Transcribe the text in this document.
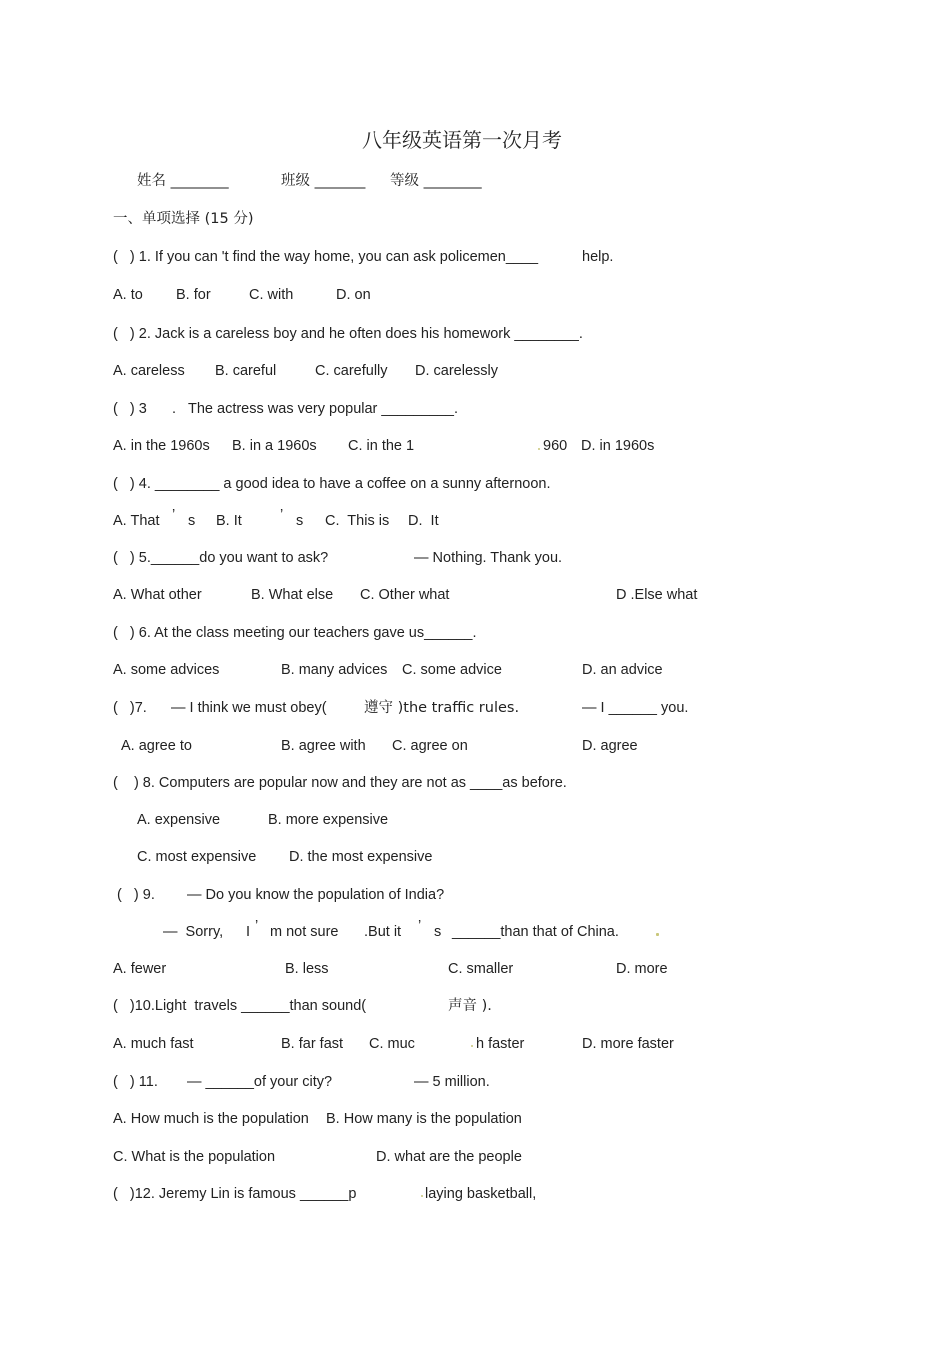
八年级英语第一次月考
姓名 ________	班级 _______ 等级 ________
一、单项选择 (15 分)
(   ) 1. If you can 't find the way home, you can ask policemen____	help.
A. to B. for	C. with	D. on
(   ) 2. Jack is a careless boy and he often does his homework ________.
A. careless B. careful	C. carefully D. carelessly
(   ) 3 . The actress was very popular _________.
A. in the 1960s B. in a 1960s C. in the 1	960 D. in 1960s
(   ) 4. ________ a good idea to have a coffee on a sunny afternoon.
A. That ’ s B. It	’ s C.  This is D.  It
(   ) 5.______do you want to ask?	— Nothing. Thank you.
A. What other	B. What else C. Other what	D .Else what
(   ) 6. At the class meeting our teachers gave us______.
A. some advices	B. many advices C. some advice	D. an advice
(   )7. — I think we must obey(	遵守 )the traffic rules.	— I ______ you.
A. agree to	B. agree with C. agree on	D. agree
(    ) 8. Computers are popular now and they are not as ____as before.
A. expensive	B. more expensive
C. most expensive D. the most expensive
(   ) 9. — Do you know the population of India?
—  Sorry, I ’ m not sure .But it ’ s ______than that of China.
A. fewer	B. less	C. smaller	D. more
(   )10.Light  travels ______than sound(	声音 ).
A. much fast	B. far fast C. muc	h faster	D. more faster
(   ) 11. — ______of your city?	— 5 million.
A. How much is the population B. How many is the population
C. What is the population	D. what are the people
(   )12. Jeremy Lin is famous ______p	laying basketball,
